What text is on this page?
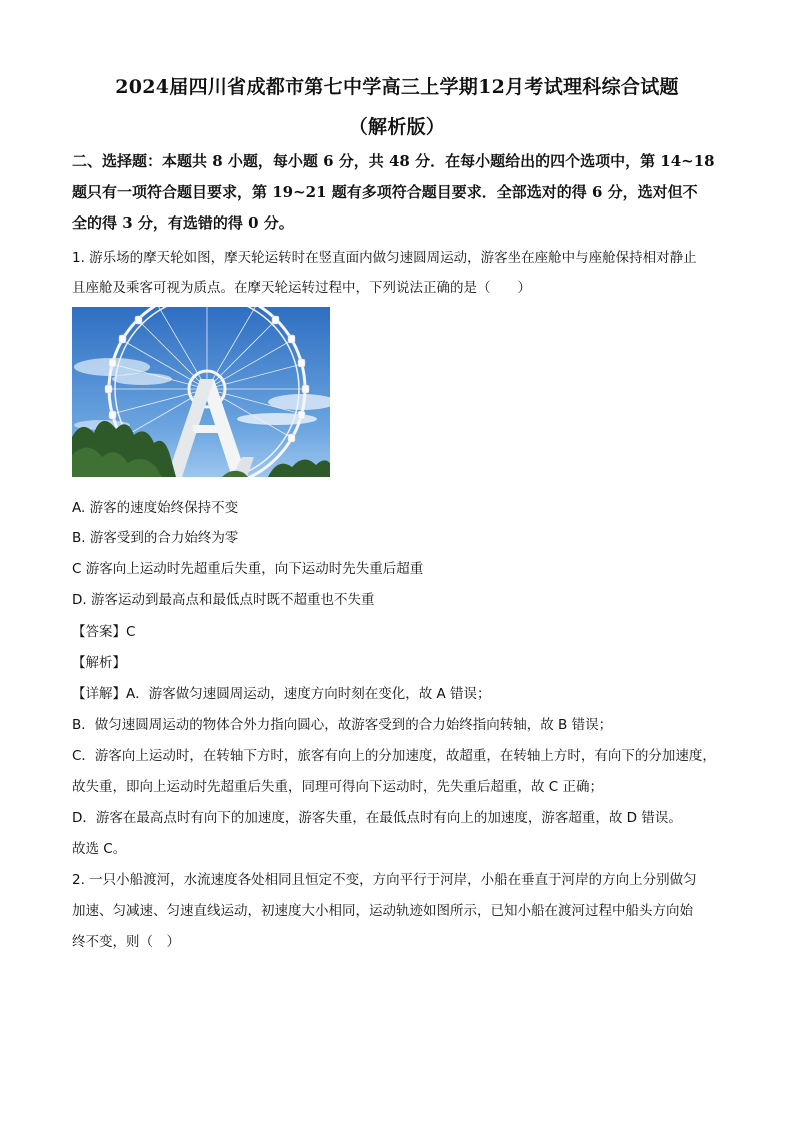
2024届四川省成都市第七中学高三上学期12月考试理科综合试题
（解析版）
二、选择题：本题共 8 小题，每小题 6 分，共 48 分．在每小题给出的四个选项中，第 14~18
题只有一项符合题目要求，第 19~21 题有多项符合题目要求．全部选对的得 6 分，选对但不
全的得 3 分，有选错的得 0 分。
1. 游乐场的摩天轮如图，摩天轮运转时在竖直面内做匀速圆周运动，游客坐在座舱中与座舱保持相对静止
且座舱及乘客可视为质点。在摩天轮运转过程中，下列说法正确的是（　　）
A. 游客的速度始终保持不变
B. 游客受到的合力始终为零
C 游客向上运动时先超重后失重，向下运动时先失重后超重
D. 游客运动到最高点和最低点时既不超重也不失重
【答案】C
【解析】
【详解】A．游客做匀速圆周运动，速度方向时刻在变化，故 A 错误；
B．做匀速圆周运动的物体合外力指向圆心，故游客受到的合力始终指向转轴，故 B 错误；
C．游客向上运动时，在转轴下方时，旅客有向上的分加速度，故超重，在转轴上方时，有向下的分加速度，
故失重，即向上运动时先超重后失重，同理可得向下运动时，先失重后超重，故 C 正确；
D．游客在最高点时有向下的加速度，游客失重，在最低点时有向上的加速度，游客超重，故 D 错误。
故选 C。
2. 一只小船渡河，水流速度各处相同且恒定不变，方向平行于河岸，小船在垂直于河岸的方向上分别做匀
加速、匀减速、匀速直线运动，初速度大小相同，运动轨迹如图所示，已知小船在渡河过程中船头方向始
终不变，则（　）
